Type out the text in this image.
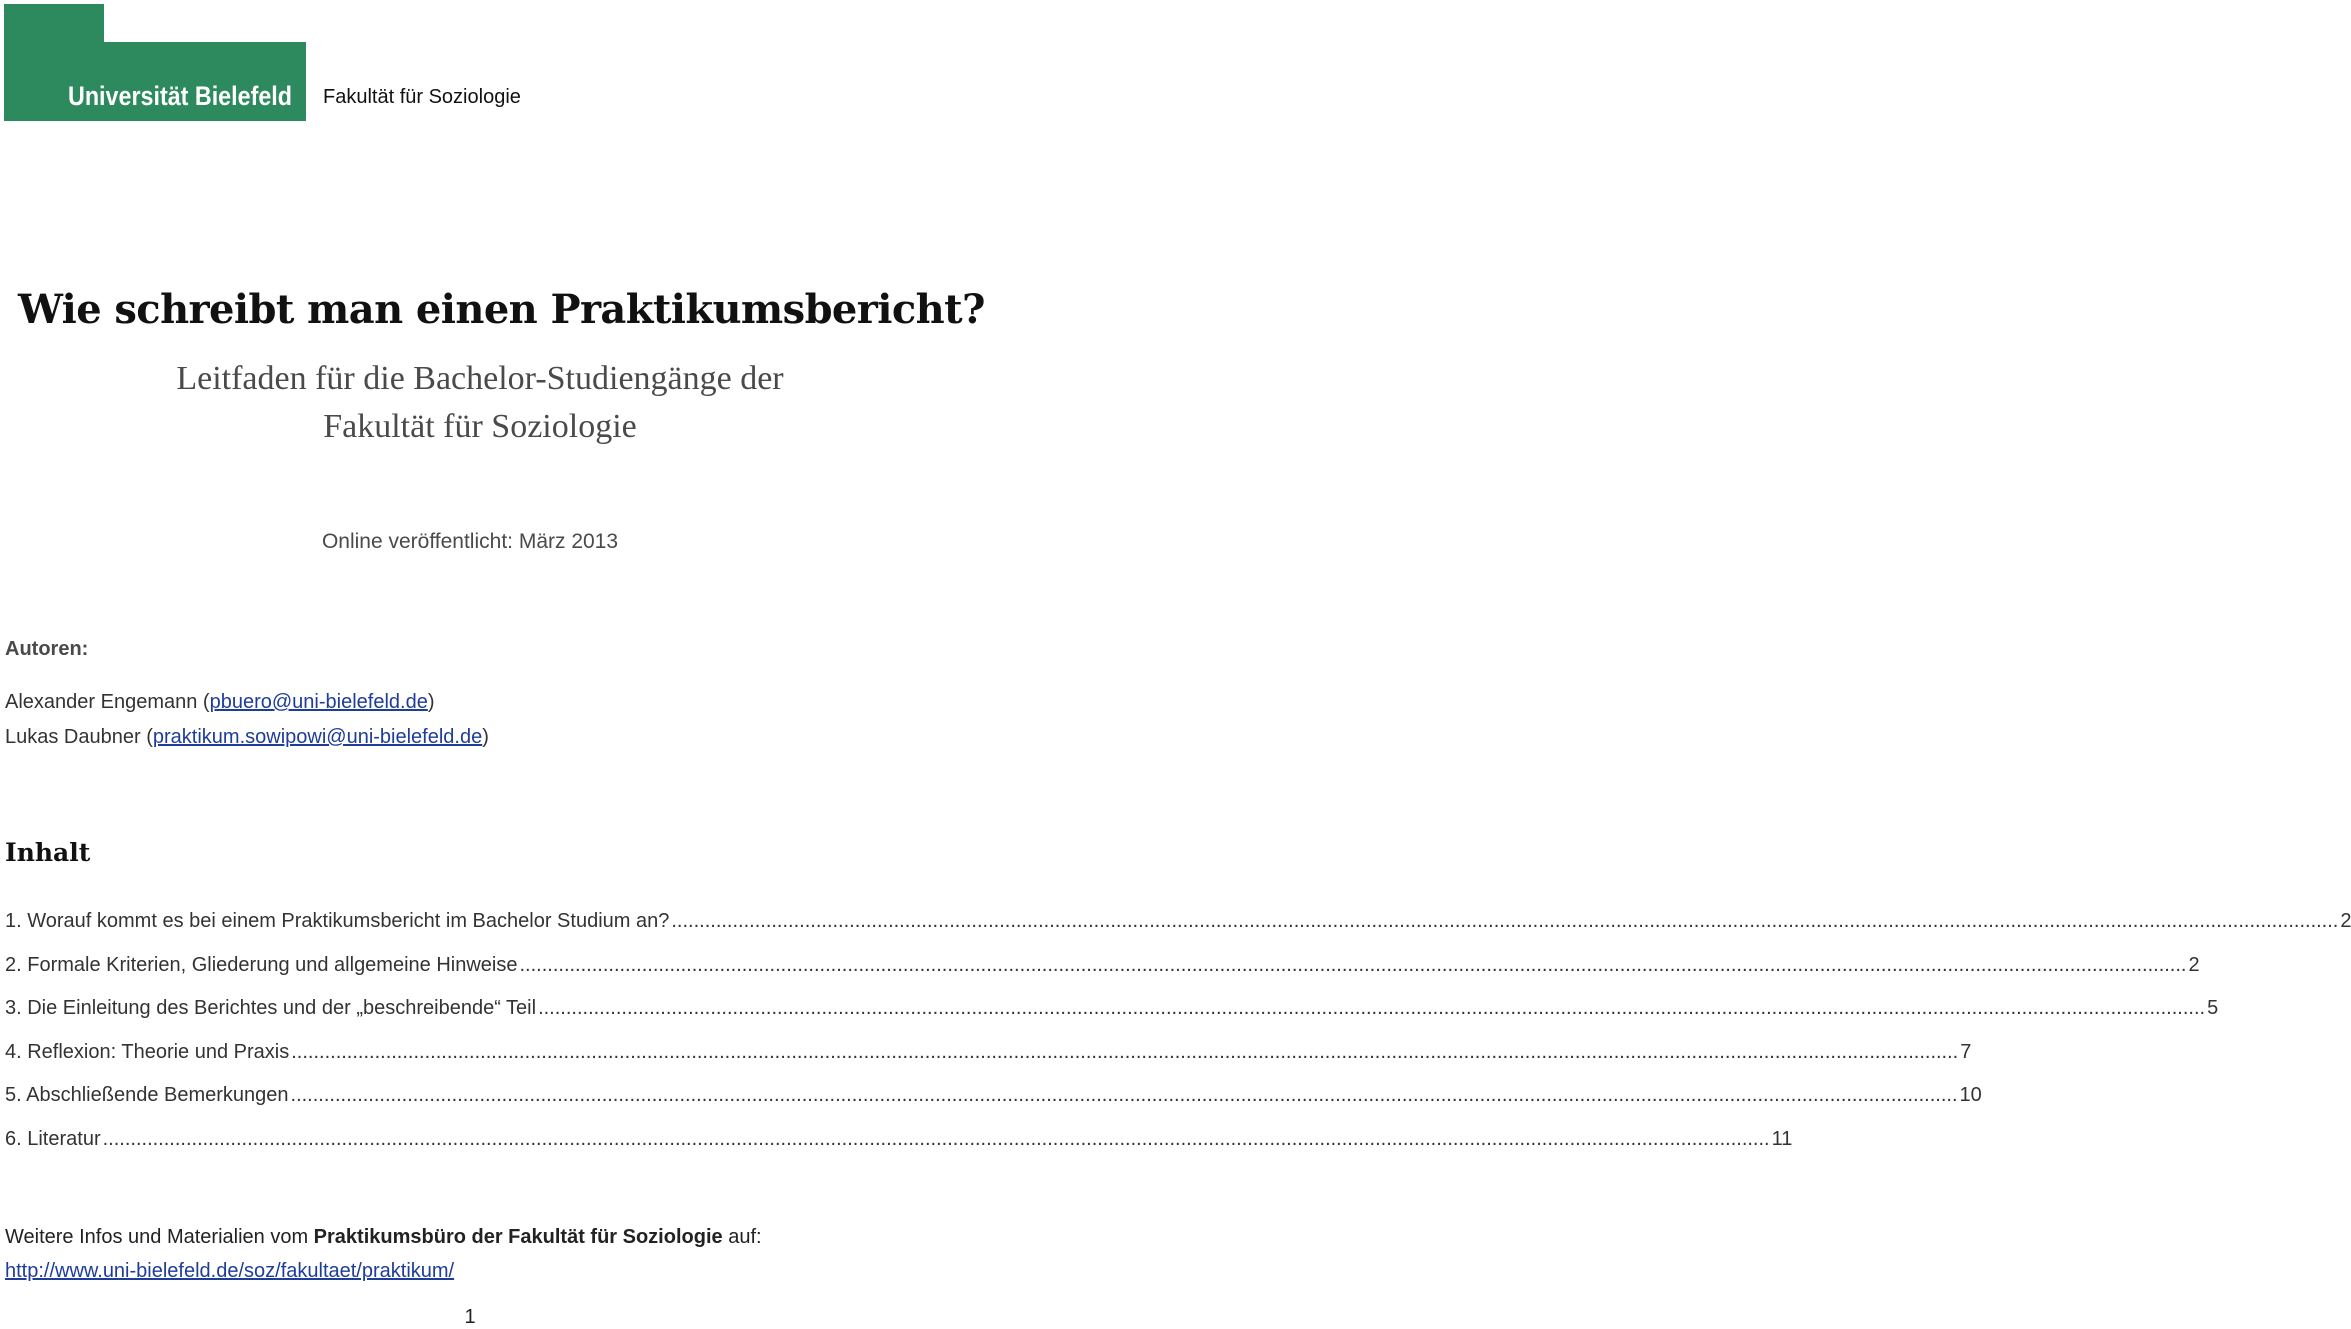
Universität Bielefeld Fakultät für Soziologie
Wie schreibt man einen Praktikumsbericht?
Leitfaden für die Bachelor-Studiengänge der
Fakultät für Soziologie
Online veröffentlicht: März 2013
Autoren:
Alexander Engemann (pbuero@uni-bielefeld.de)
Lukas Daubner (praktikum.sowipowi@uni-bielefeld.de)
Inhalt
1. Worauf kommt es bei einem Praktikumsbericht im Bachelor Studium an? ............................................................................................................................................................................................................................................................................................................ 2
2. Formale Kriterien, Gliederung und allgemeine Hinweise ............................................................................................................................................................................................................................................................................................................ 2
3. Die Einleitung des Berichtes und der „beschreibende“ Teil ............................................................................................................................................................................................................................................................................................................ 5
4. Reflexion: Theorie und Praxis ............................................................................................................................................................................................................................................................................................................ 7
5. Abschließende Bemerkungen ............................................................................................................................................................................................................................................................................................................ 10
6. Literatur ............................................................................................................................................................................................................................................................................................................ 11
Weitere Infos und Materialien vom Praktikumsbüro der Fakultät für Soziologie auf:
http://www.uni-bielefeld.de/soz/fakultaet/praktikum/
1
